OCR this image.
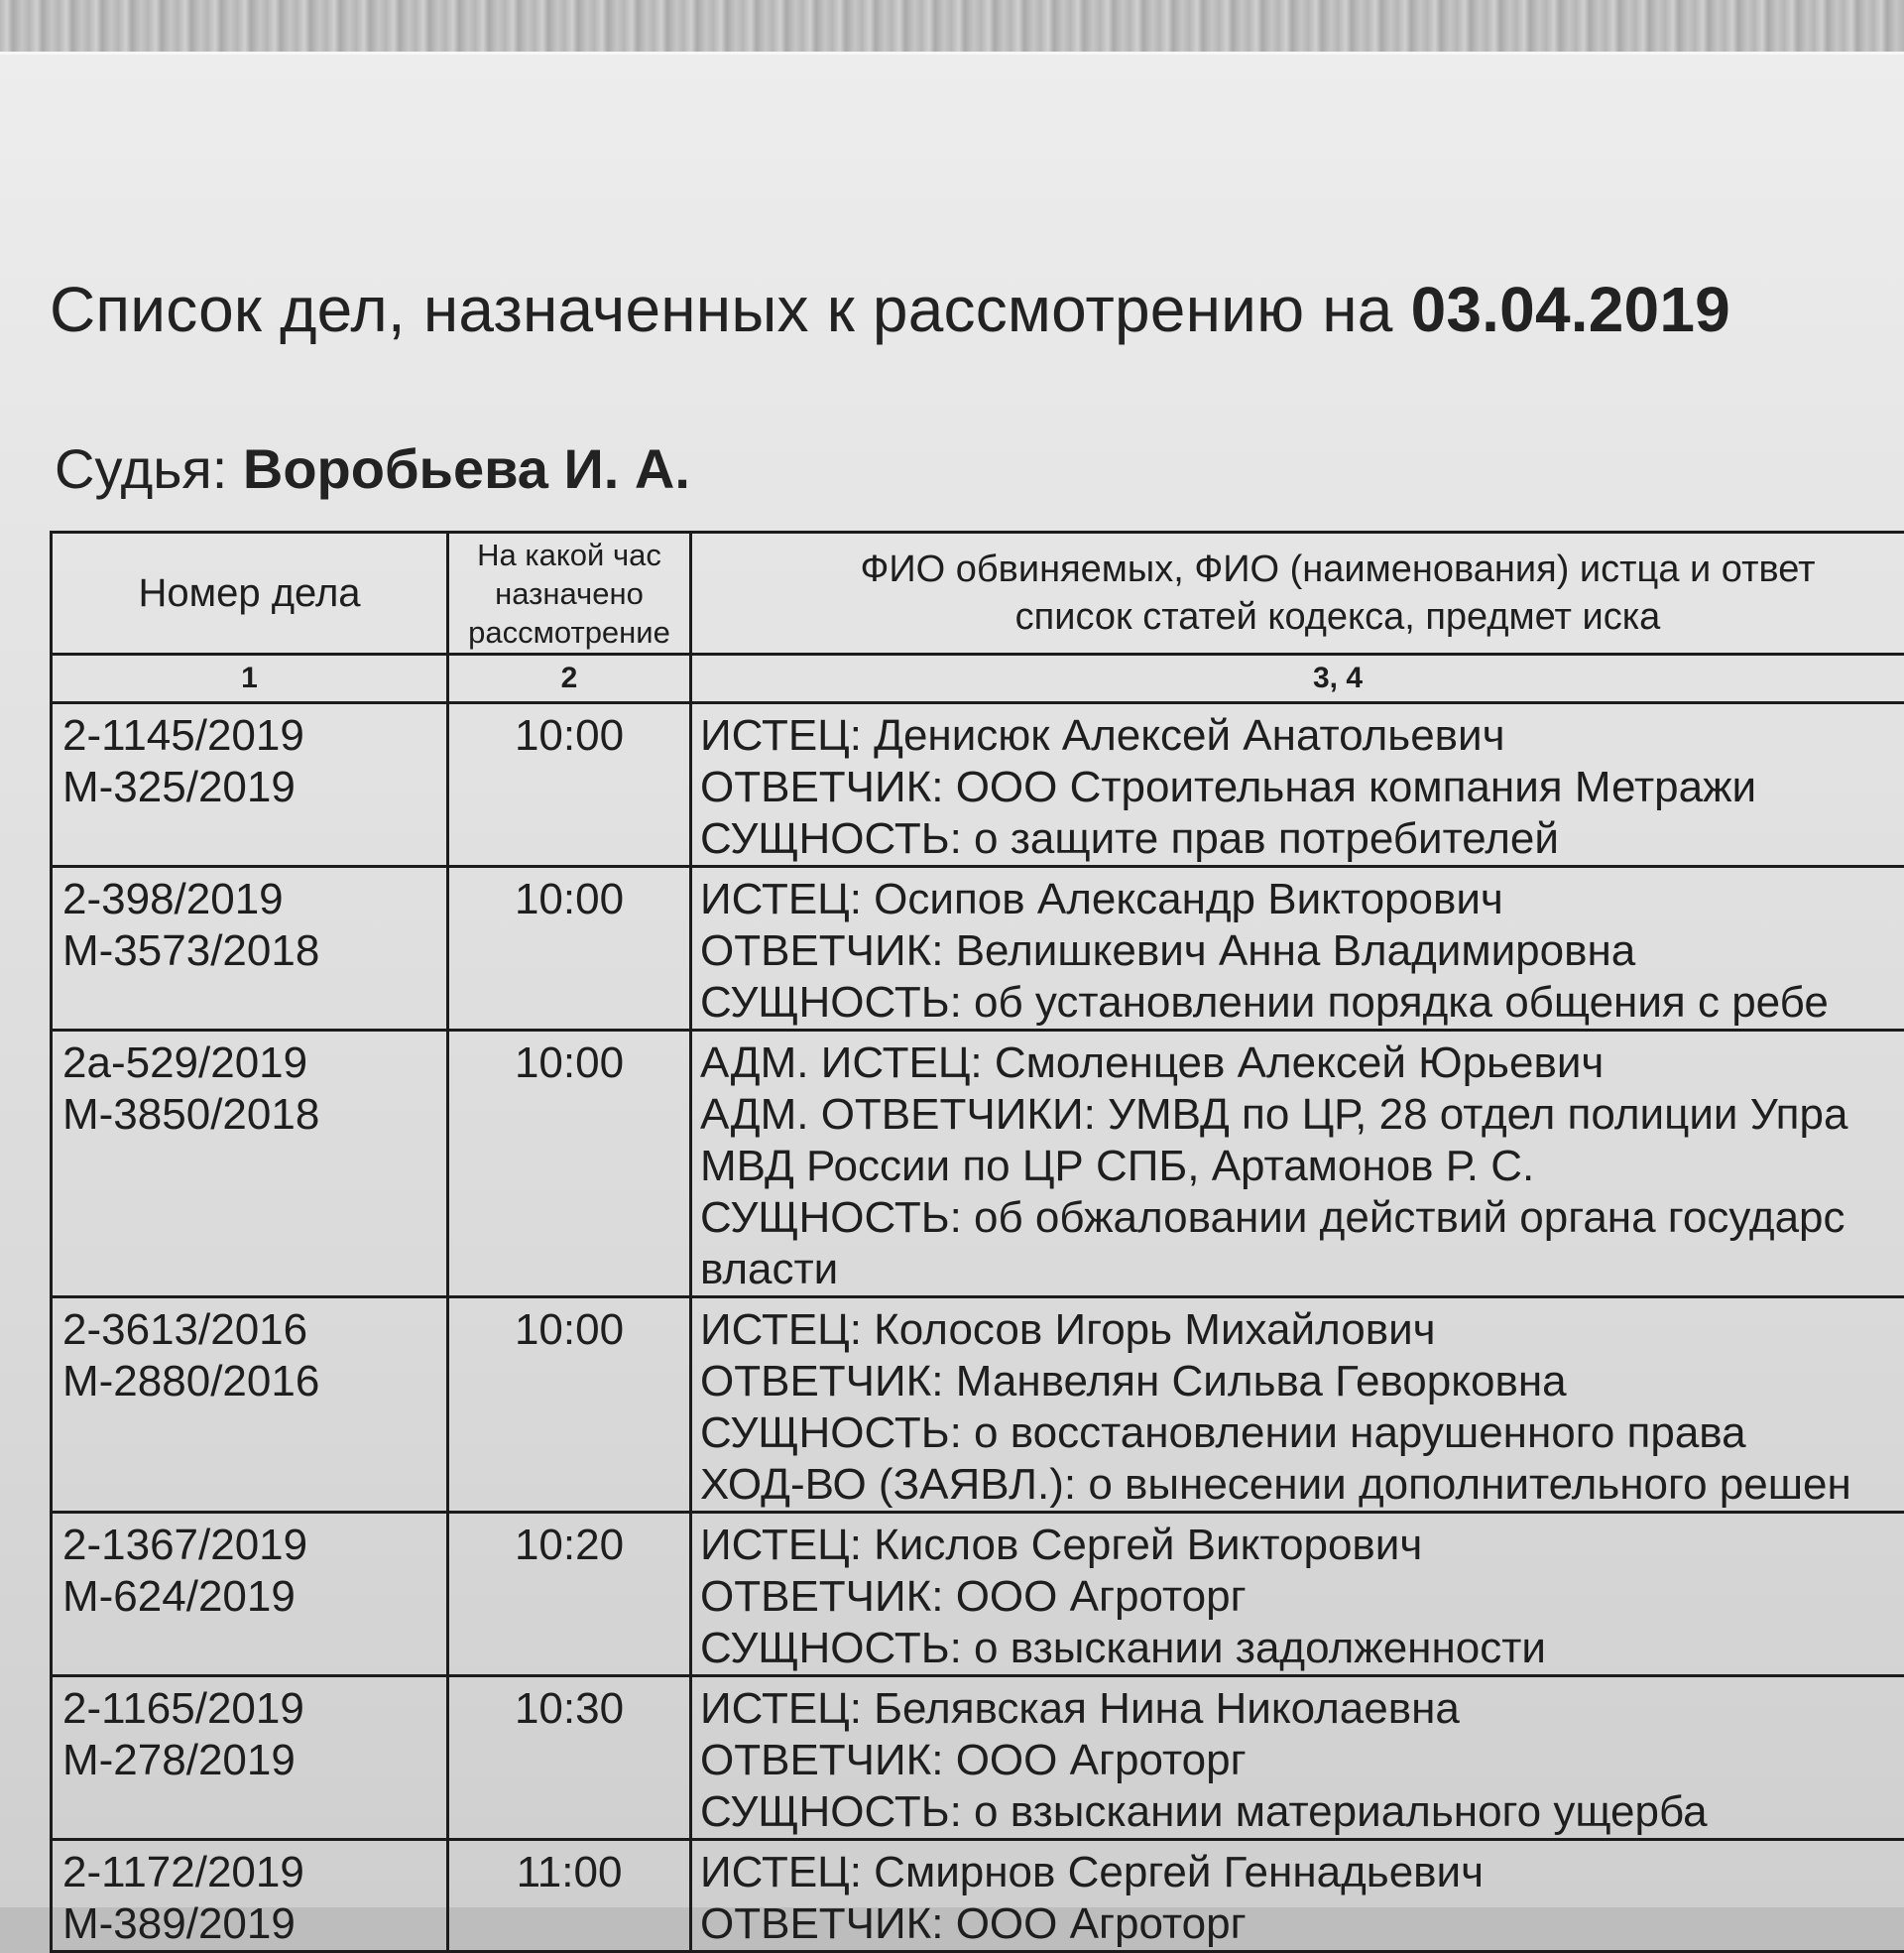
Список дел, назначенных к рассмотрению на 03.04.2019
Судья: Воробьева И. А.
Номер дела	На какой час
назначено
рассмотрение	ФИО обвиняемых, ФИО (наименования) истца и ответ
список статей кодекса, предмет иска

1	2	3, 4

2-1145/2019
М-325/2019	10:00	ИСТЕЦ: Денисюк Алексей Анатольевич
ОТВЕТЧИК: ООО Строительная компания Метражи
СУЩНОСТЬ: о защите прав потребителей

2-398/2019
М-3573/2018	10:00	ИСТЕЦ: Осипов Александр Викторович
ОТВЕТЧИК: Велишкевич Анна Владимировна
СУЩНОСТЬ: об установлении порядка общения с ребе

2а-529/2019
М-3850/2018	10:00	АДМ. ИСТЕЦ: Смоленцев Алексей Юрьевич
АДМ. ОТВЕТЧИКИ: УМВД по ЦР, 28 отдел полиции Упра
МВД России по ЦР СПБ, Артамонов Р. С.
СУЩНОСТЬ: об обжаловании действий органа государс
власти

2-3613/2016
М-2880/2016	10:00	ИСТЕЦ: Колосов Игорь Михайлович
ОТВЕТЧИК: Манвелян Сильва Геворковна
СУЩНОСТЬ: о восстановлении нарушенного права
ХОД-ВО (ЗАЯВЛ.): о вынесении дополнительного решен

2-1367/2019
М-624/2019	10:20	ИСТЕЦ: Кислов Сергей Викторович
ОТВЕТЧИК: ООО Агроторг
СУЩНОСТЬ: о взыскании задолженности

2-1165/2019
М-278/2019	10:30	ИСТЕЦ: Белявская Нина Николаевна
ОТВЕТЧИК: ООО Агроторг
СУЩНОСТЬ: о взыскании материального ущерба

2-1172/2019
М-389/2019	11:00	ИСТЕЦ: Смирнов Сергей Геннадьевич
ОТВЕТЧИК: ООО Агроторг
